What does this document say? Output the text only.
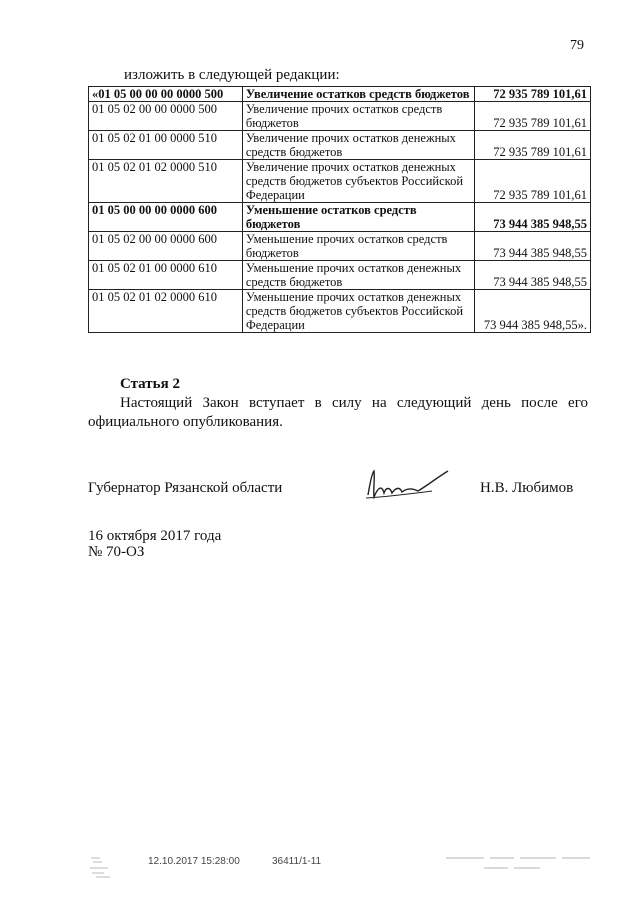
79
изложить в следующей редакции:
«01 05 00 00 00 0000 500	Увеличение остатков средств бюджетов	72 935 789 101,61
01 05 02 00 00 0000 500	Увеличение прочих остатков средств бюджетов	72 935 789 101,61
01 05 02 01 00 0000 510	Увеличение прочих остатков денежных средств бюджетов	72 935 789 101,61
01 05 02 01 02 0000 510	Увеличение прочих остатков денежных средств бюджетов субъектов Российской Федерации	72 935 789 101,61
01 05 00 00 00 0000 600	Уменьшение остатков средств бюджетов	73 944 385 948,55
01 05 02 00 00 0000 600	Уменьшение прочих остатков средств бюджетов	73 944 385 948,55
01 05 02 01 00 0000 610	Уменьшение прочих остатков денежных средств бюджетов	73 944 385 948,55
01 05 02 01 02 0000 610	Уменьшение прочих остатков денежных средств бюджетов субъектов Российской Федерации	73 944 385 948,55».
Статья 2
Настоящий Закон вступает в силу на следующий день после его официального опубликования.
Губернатор Рязанской области	Н.В. Любимов
16 октября 2017 года
№ 70-ОЗ
12.10.2017 15:28:00	36411/1-11
